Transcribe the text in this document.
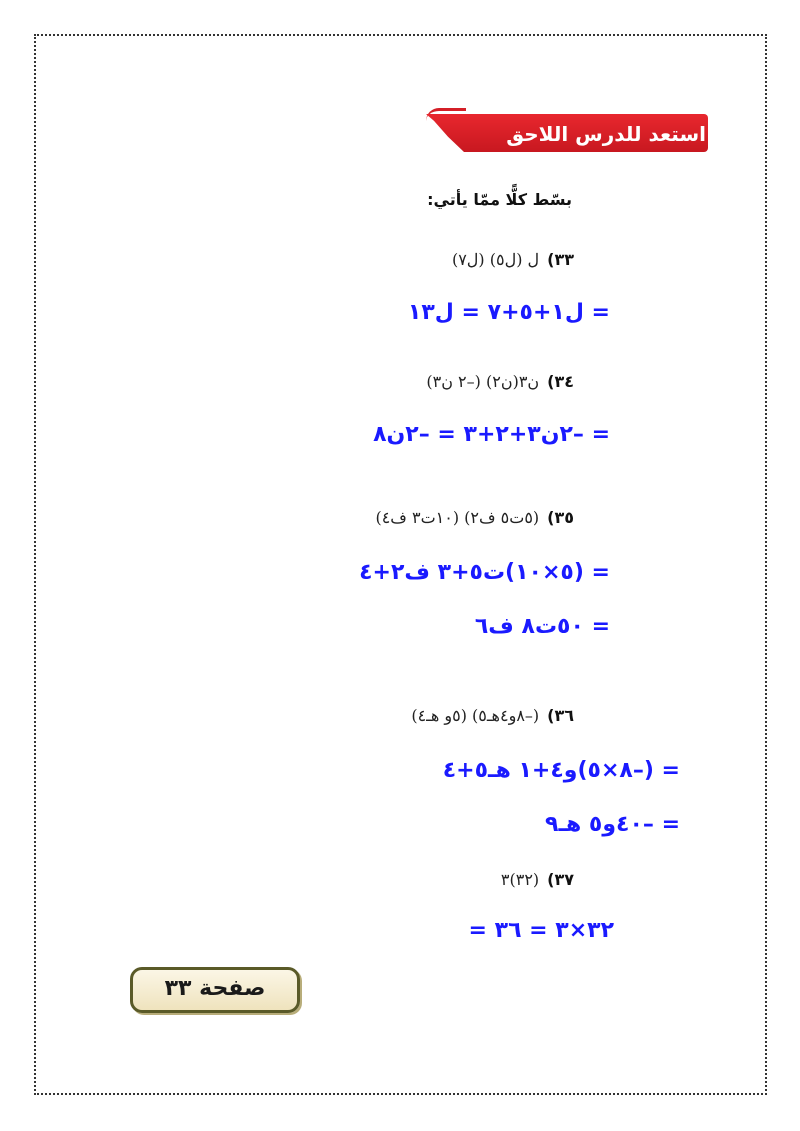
استعد للدرس اللاحق
بسّط كلًّا ممّا يأتي:
٣٣)ل (ل٥) (ل٧)
= ل١+٥+٧ = ل١٣
٣٤)ن٣(ن٢) (–٢ ن٣)
= –٢ن٣+٢+٣ = –٢ن٨
٣٥)(٥ت٥ ف٢) (١٠ت٣ ف٤)
= (٥×١٠)ت٥+٣ ف٢+٤
= ٥٠ت٨ ف٦
٣٦)(–٨و٤هـ٥) (٥و هـ٤)
= (–٨×٥)و٤+١ هـ٥+٤
= –٤٠و٥ هـ٩
٣٧)(٣٢)٣
= ٣٢×٣ = ٣٦
صفحة ٣٣
